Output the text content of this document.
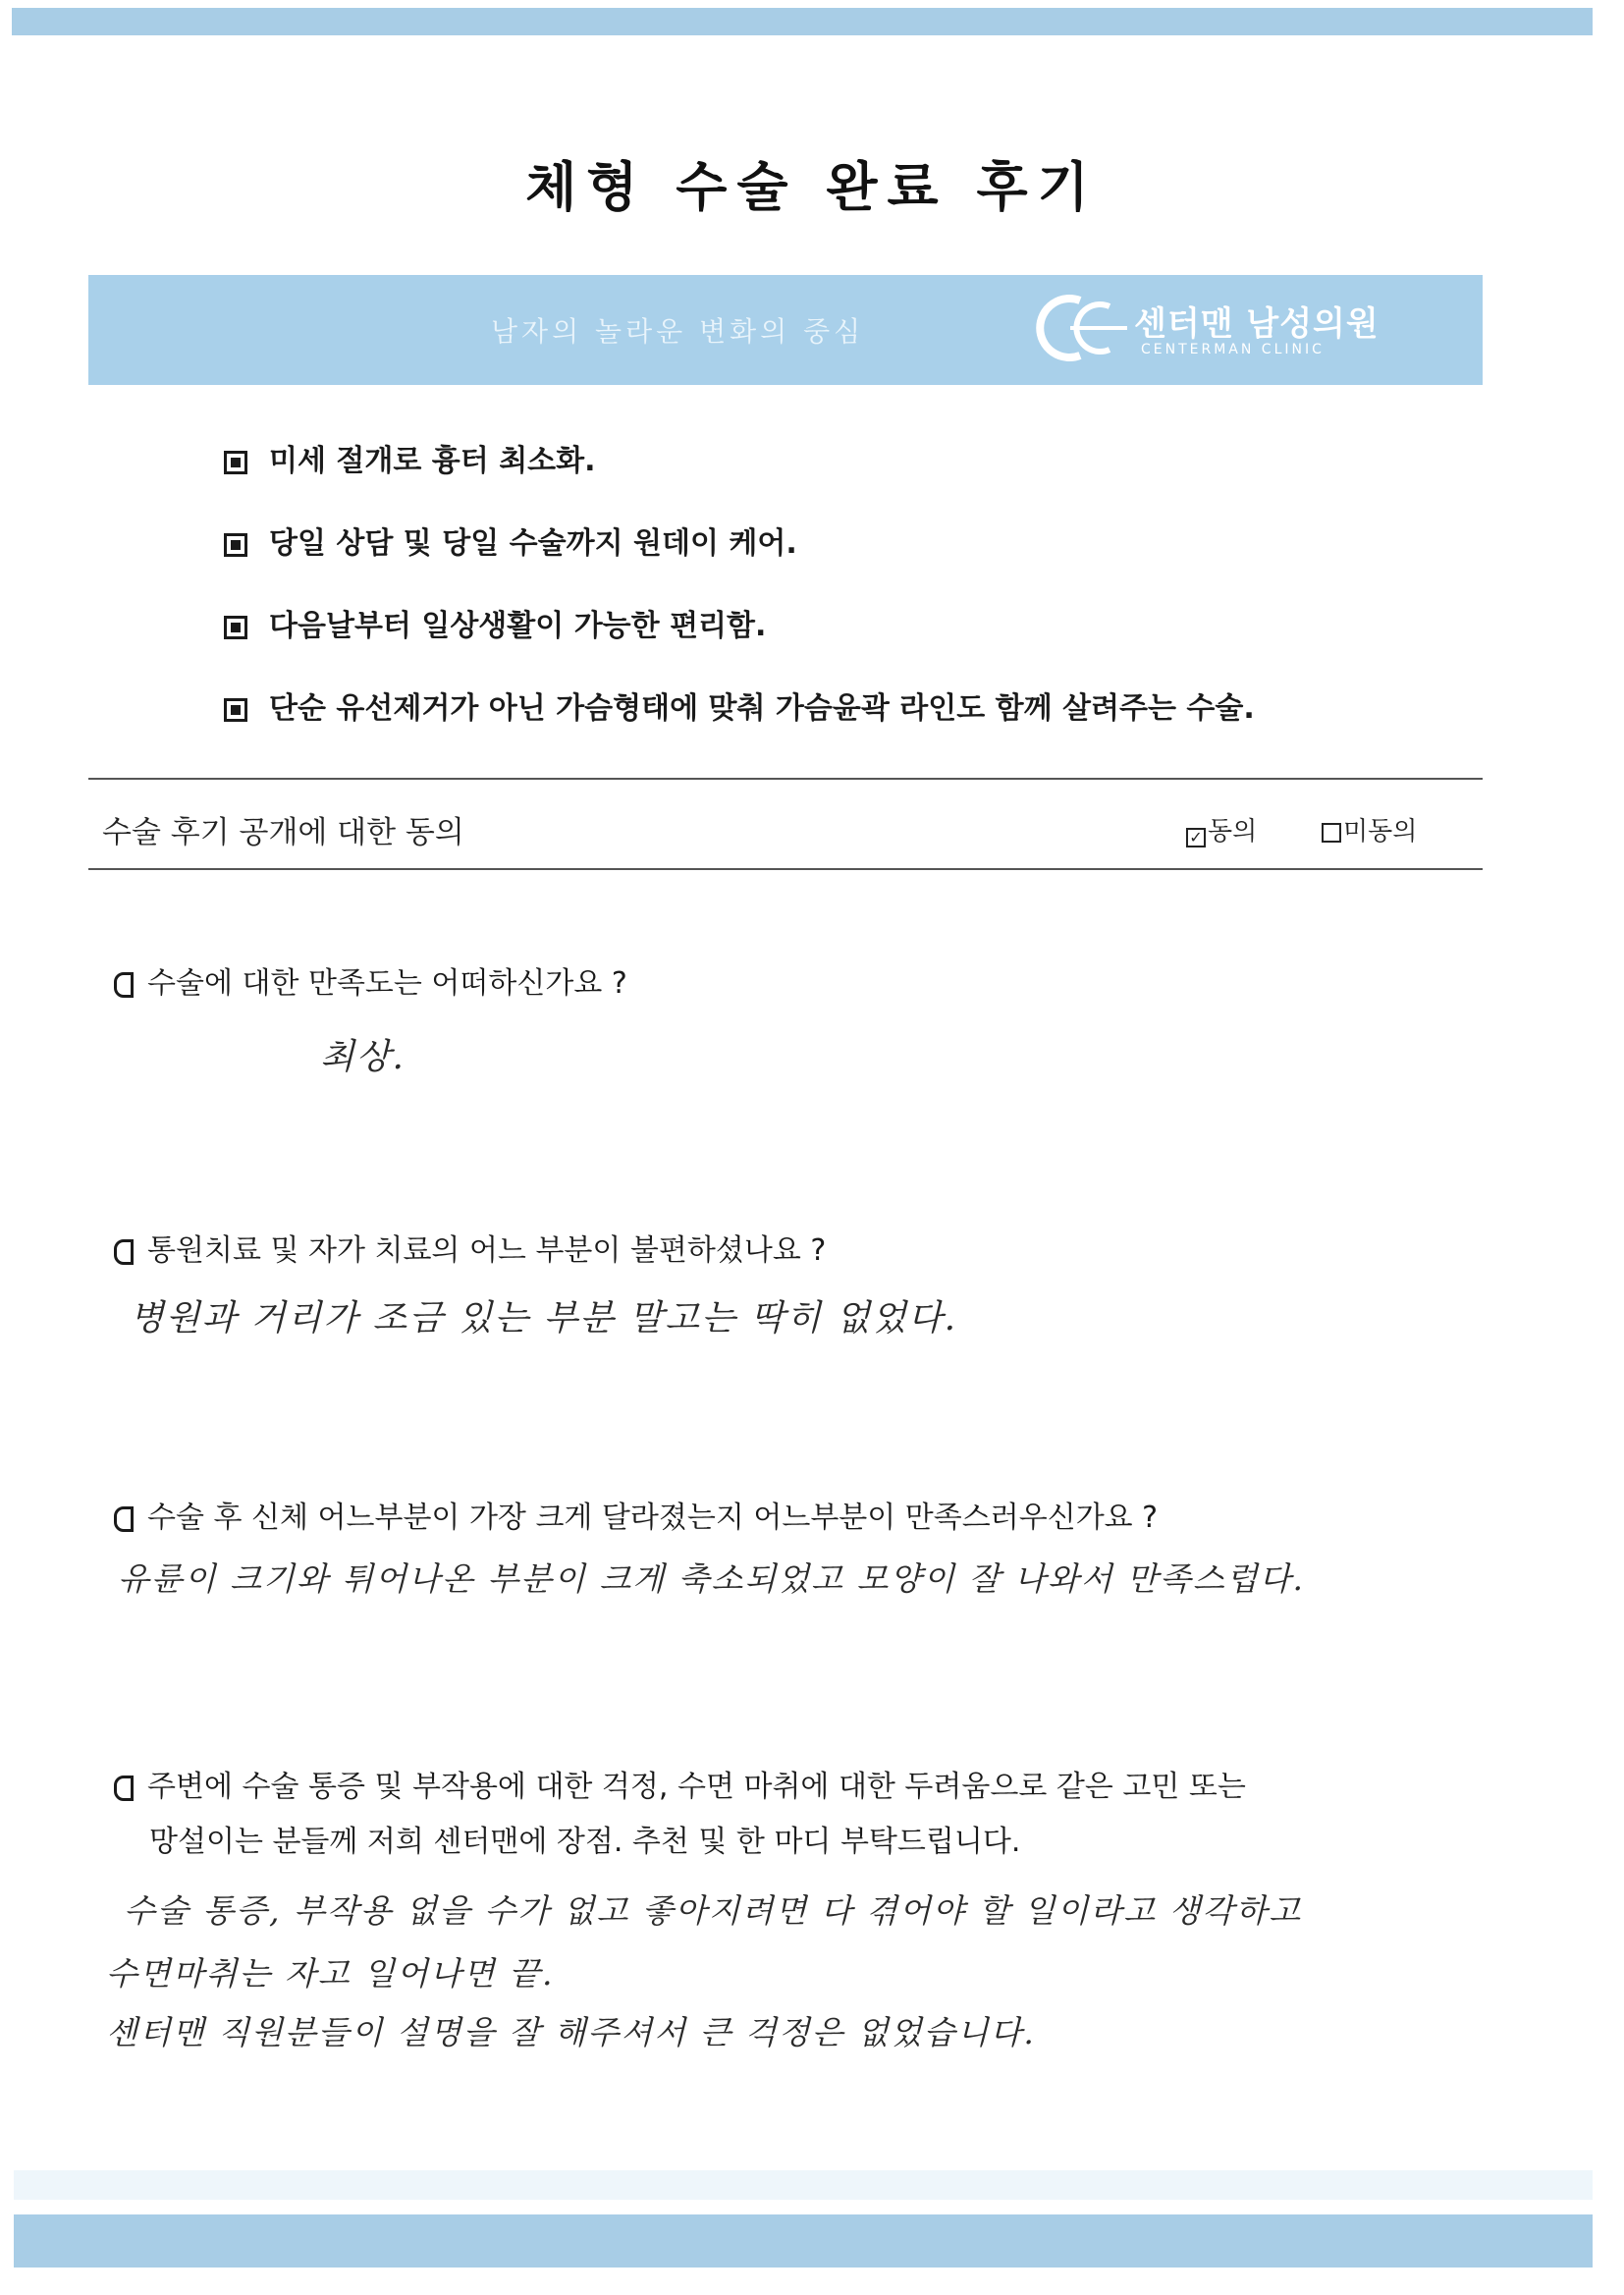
체형 수술 완료 후기
남자의 놀라운 변화의 중심	센터맨 남성의원
CENTERMAN CLINIC
미세 절개로 흉터 최소화.
당일 상담 및 당일 수술까지 원데이 케어.
다음날부터 일상생활이 가능한 편리함.
단순 유선제거가 아닌 가슴형태에 맞춰 가슴윤곽 라인도 함께 살려주는 수술.
수술 후기 공개에 대한 동의	✓ 동의	미동의
수술에 대한 만족도는 어떠하신가요 ?
최상.
통원치료 및 자가 치료의 어느 부분이 불편하셨나요 ?
병원과 거리가 조금 있는 부분 말고는 딱히 없었다.
수술 후 신체 어느부분이 가장 크게 달라졌는지 어느부분이 만족스러우신가요 ?
유륜이 크기와 튀어나온 부분이 크게 축소되었고 모양이 잘 나와서 만족스럽다.
주변에 수술 통증 및 부작용에 대한 걱정, 수면 마취에 대한 두려움으로 같은 고민 또는
망설이는 분들께 저희 센터맨에 장점. 추천 및 한 마디 부탁드립니다.
수술 통증, 부작용 없을 수가 없고 좋아지려면 다 겪어야 할 일이라고 생각하고
수면마취는 자고 일어나면 끝.
센터맨 직원분들이 설명을 잘 해주셔서 큰 걱정은 없었습니다.
